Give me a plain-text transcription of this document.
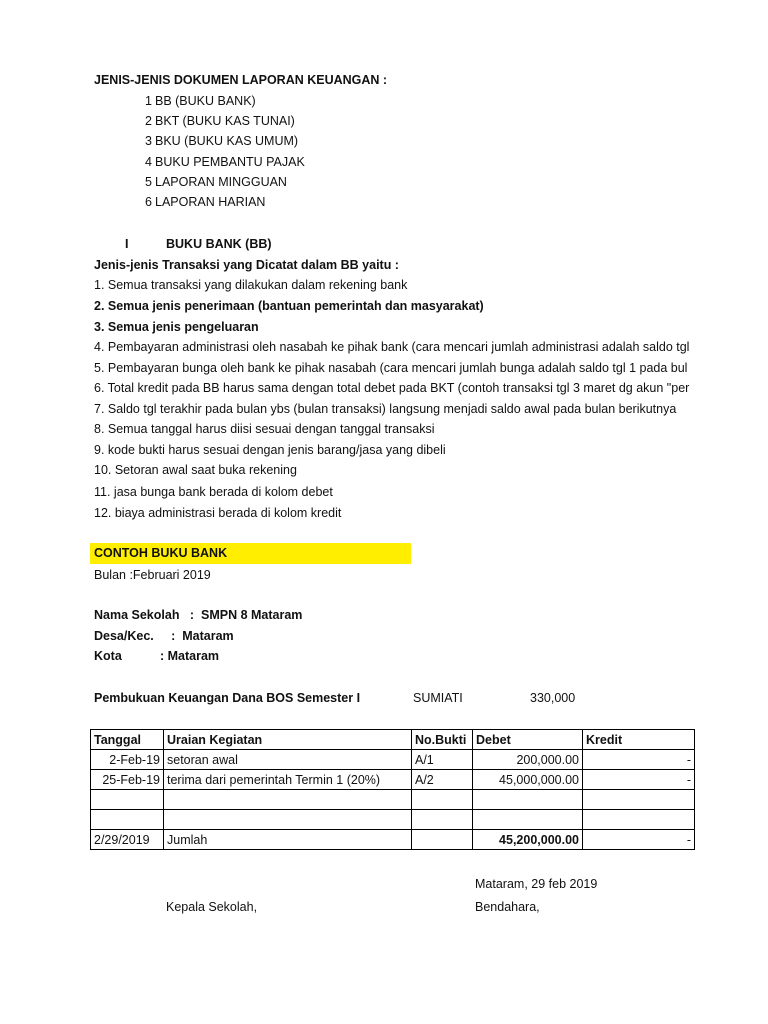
JENIS-JENIS DOKUMEN LAPORAN KEUANGAN :
1 BB (BUKU BANK)
2 BKT (BUKU KAS TUNAI)
3 BKU (BUKU KAS UMUM)
4 BUKU PEMBANTU PAJAK
5 LAPORAN MINGGUAN
6 LAPORAN HARIAN
I	BUKU BANK (BB)
Jenis-jenis Transaksi yang Dicatat dalam BB yaitu :
1. Semua transaksi yang dilakukan dalam rekening bank
2. Semua jenis penerimaan (bantuan pemerintah dan masyarakat)
3. Semua jenis pengeluaran
4. Pembayaran administrasi oleh nasabah ke pihak bank (cara mencari jumlah administrasi adalah saldo tgl
5. Pembayaran bunga oleh bank ke pihak nasabah (cara mencari jumlah bunga adalah saldo tgl 1 pada bul
6. Total kredit pada BB harus sama dengan total debet pada BKT (contoh transaksi tgl 3 maret dg akun "per
7. Saldo tgl terakhir pada bulan ybs (bulan transaksi) langsung menjadi saldo awal pada bulan berikutnya
8. Semua tanggal harus diisi sesuai dengan tanggal transaksi
9. kode bukti harus sesuai dengan jenis barang/jasa yang dibeli
10. Setoran awal saat buka rekening
11. jasa bunga bank berada di kolom debet
12. biaya administrasi berada di kolom kredit
CONTOH BUKU BANK
Bulan :Februari 2019
Nama Sekolah   :  SMPN 8 Mataram
Desa/Kec.     :  Mataram
Kota           : Mataram
Pembukuan Keuangan Dana BOS Semester I	SUMIATI	330,000
Tanggal	Uraian Kegiatan	No.Bukti	Debet	Kredit
2-Feb-19	setoran awal	A/1	200,000.00	-
25-Feb-19	terima dari pemerintah Termin 1 (20%)	A/2	45,000,000.00	-

2/29/2019	Jumlah		45,200,000.00	-
Mataram, 29 feb 2019
Kepala Sekolah,	Bendahara,
